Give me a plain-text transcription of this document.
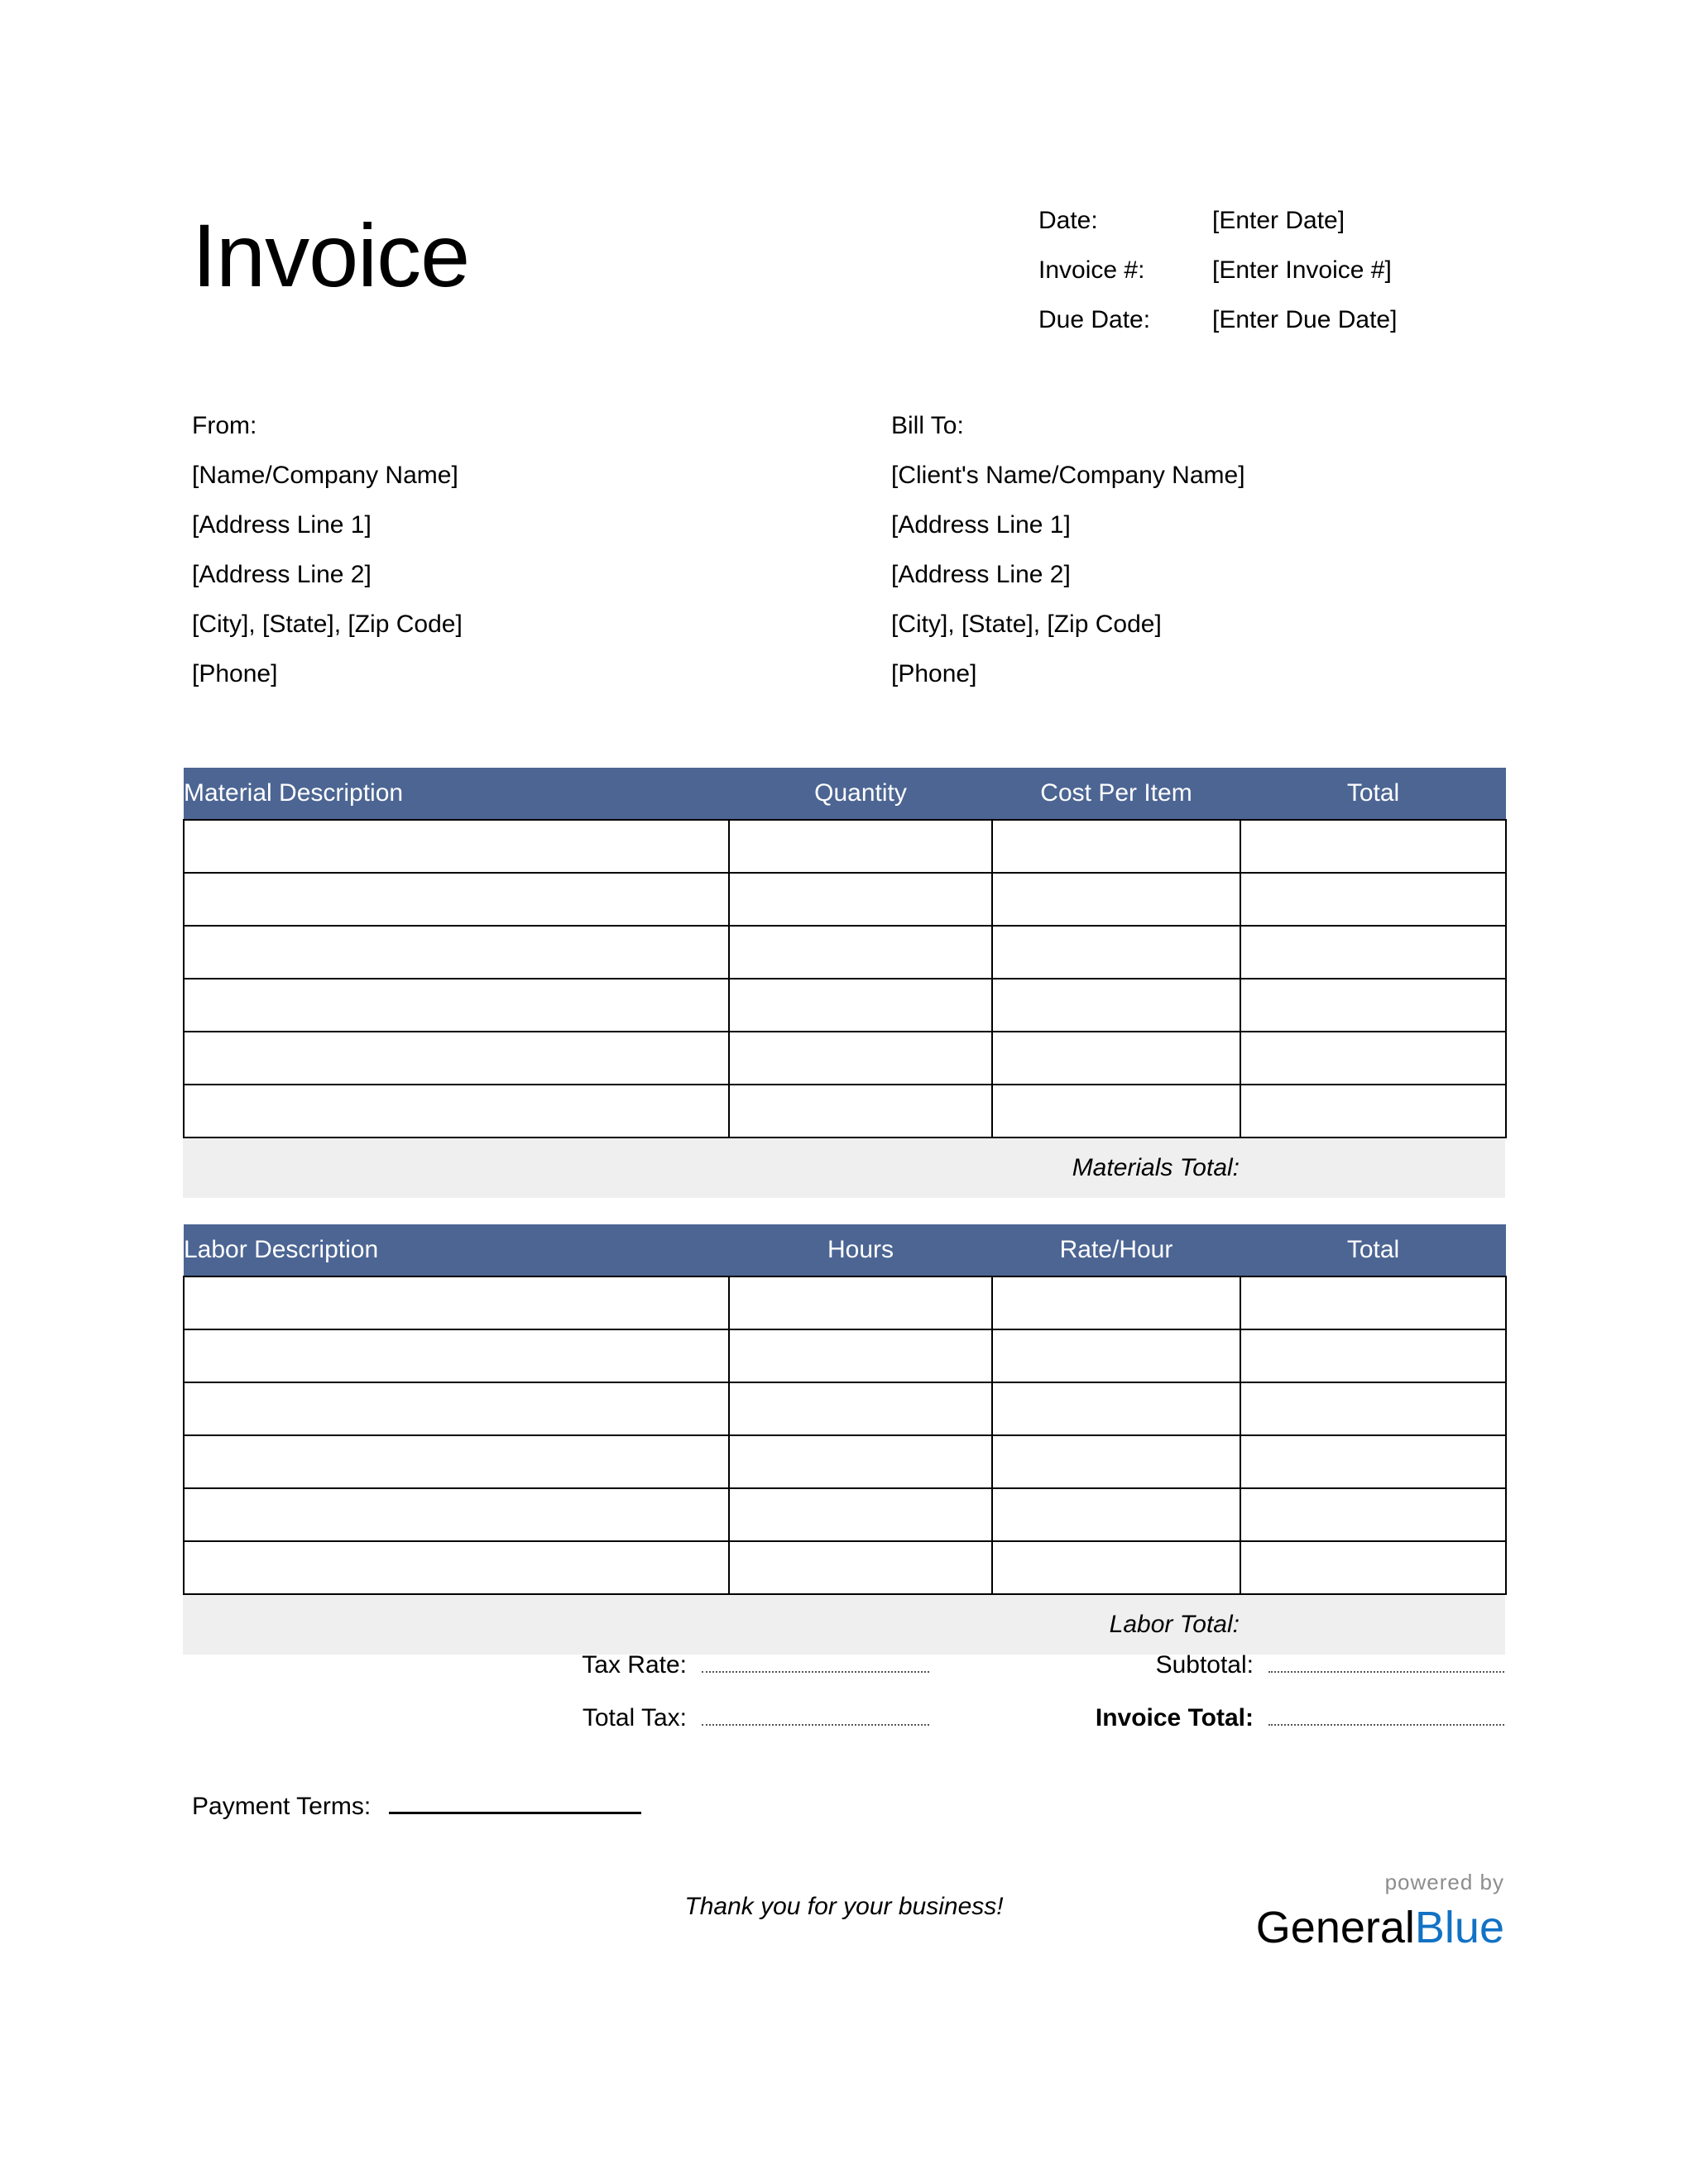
Invoice	Date:	[Enter Date]
Invoice #:	[Enter Invoice #]
Due Date:	[Enter Due Date]
From:
[Name/Company Name]
[Address Line 1]
[Address Line 2]
[City], [State], [Zip Code]
[Phone]
Bill To:
[Client's Name/Company Name]
[Address Line 1]
[Address Line 2]
[City], [State], [Zip Code]
[Phone]
Material Description	Quantity	Cost Per Item	Total

Materials Total:
Labor Description	Hours	Rate/Hour	Total

Labor Total:
Tax Rate:	Subtotal:
Total Tax:	Invoice Total:
Payment Terms:
Thank you for your business!
powered by
GeneralBlue
